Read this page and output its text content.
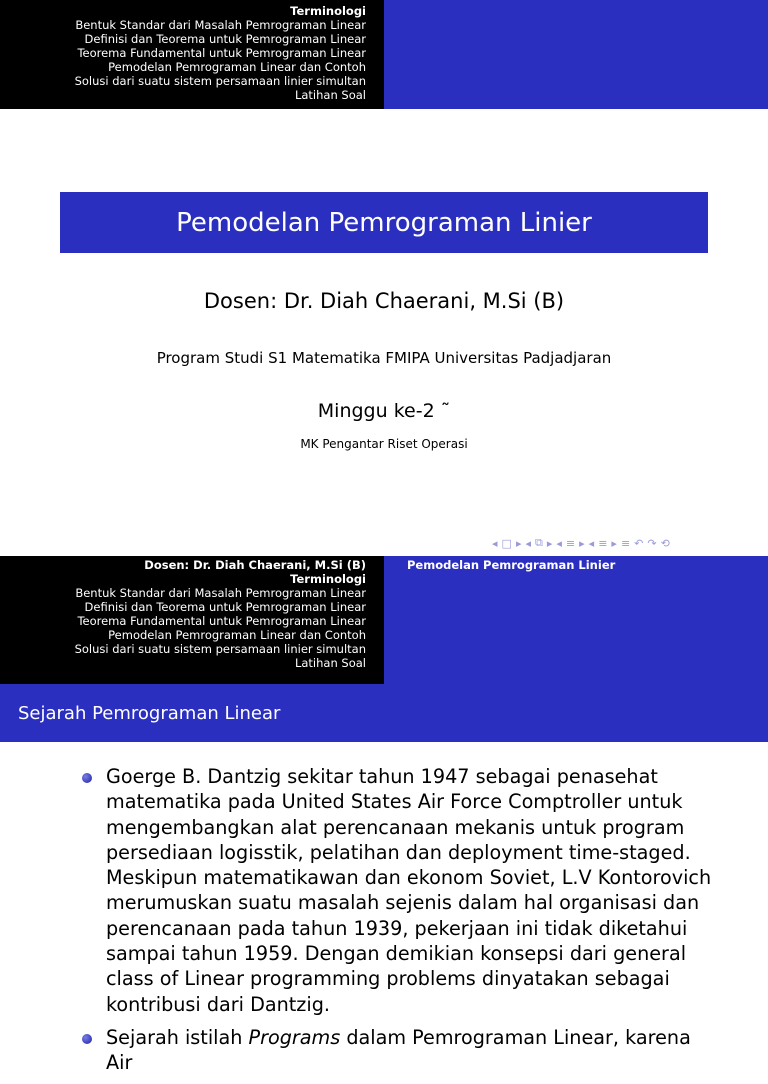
Terminologi
Bentuk Standar dari Masalah Pemrograman Linear
Definisi dan Teorema untuk Pemrograman Linear
Teorema Fundamental untuk Pemrograman Linear
Pemodelan Pemrograman Linear dan Contoh
Solusi dari suatu sistem persamaan linier simultan
Latihan Soal
Pemodelan Pemrograman Linier
Dosen: Dr. Diah Chaerani, M.Si (B)
Program Studi S1 Matematika FMIPA Universitas Padjadjaran
Minggu ke-2 ˜
MK Pengantar Riset Operasi
◂ □ ▸ ◂ ⧉ ▸ ◂ ≡ ▸ ◂ ≡ ▸ ≡ ↶ ↷ ⟲
Dosen: Dr. Diah Chaerani, M.Si (B)
Terminologi
Bentuk Standar dari Masalah Pemrograman Linear
Definisi dan Teorema untuk Pemrograman Linear
Teorema Fundamental untuk Pemrograman Linear
Pemodelan Pemrograman Linear dan Contoh
Solusi dari suatu sistem persamaan linier simultan
Latihan Soal
Pemodelan Pemrograman Linier
Sejarah Pemrograman Linear
Goerge B. Dantzig sekitar tahun 1947 sebagai penasehat matematika pada United States Air Force Comptroller untuk mengembangkan alat perencanaan mekanis untuk program persediaan logisstik, pelatihan dan deployment time-staged. Meskipun matematikawan dan ekonom Soviet, L.V Kontorovich merumuskan suatu masalah sejenis dalam hal organisasi dan perencanaan pada tahun 1939, pekerjaan ini tidak diketahui sampai tahun 1959. Dengan demikian konsepsi dari general class of Linear programming problems dinyatakan sebagai kontribusi dari Dantzig.
Sejarah istilah Programs dalam Pemrograman Linear, karena Air
